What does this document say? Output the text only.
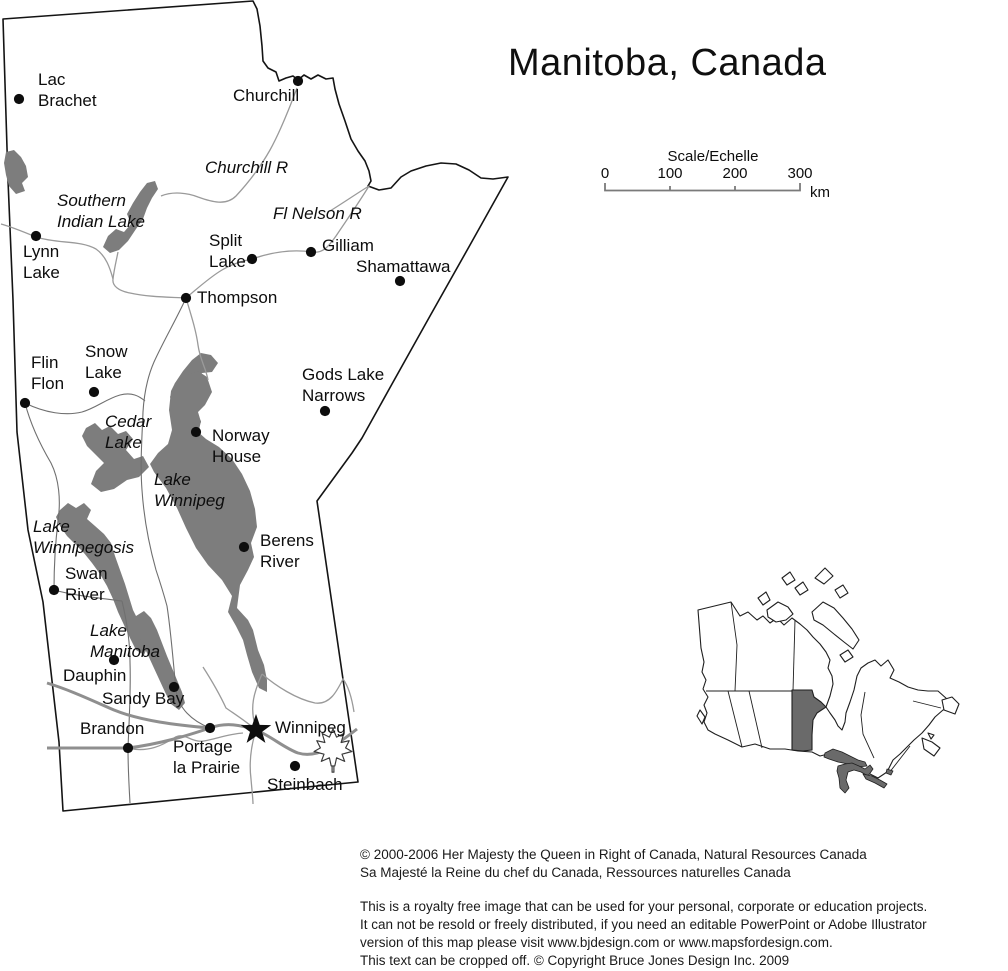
Manitoba, Canada
Lac
Brachet	Churchill
Lynn
Lake
Split
Lake
Gilliam
Shamattawa
Thompson
Snow
Lake
Flin
Flon	Gods Lake
Narrows
Norway
House
Berens
River
Swan
River
Dauphin
Sandy Bay
Brandon
Portage
la Prairie
Winnipeg
Steinbach
Churchill R
Southern
Indian Lake	Fl Nelson R
Cedar
Lake
Lake
Winnipeg
Lake
Winnipegosis
Lake
Manitoba
Scale/Echelle
0	100	200	300
km
© 2000-2006 Her Majesty the Queen in Right of Canada, Natural Resources Canada
Sa Majesté la Reine du chef du Canada, Ressources naturelles Canada
This is a royalty free image that can be used for your personal, corporate or education projects.
It can not be resold or freely distributed, if you need an editable PowerPoint or Adobe Illustrator
version of this map please visit www.bjdesign.com or www.mapsfordesign.com.
This text can be cropped off. © Copyright Bruce Jones Design Inc. 2009
